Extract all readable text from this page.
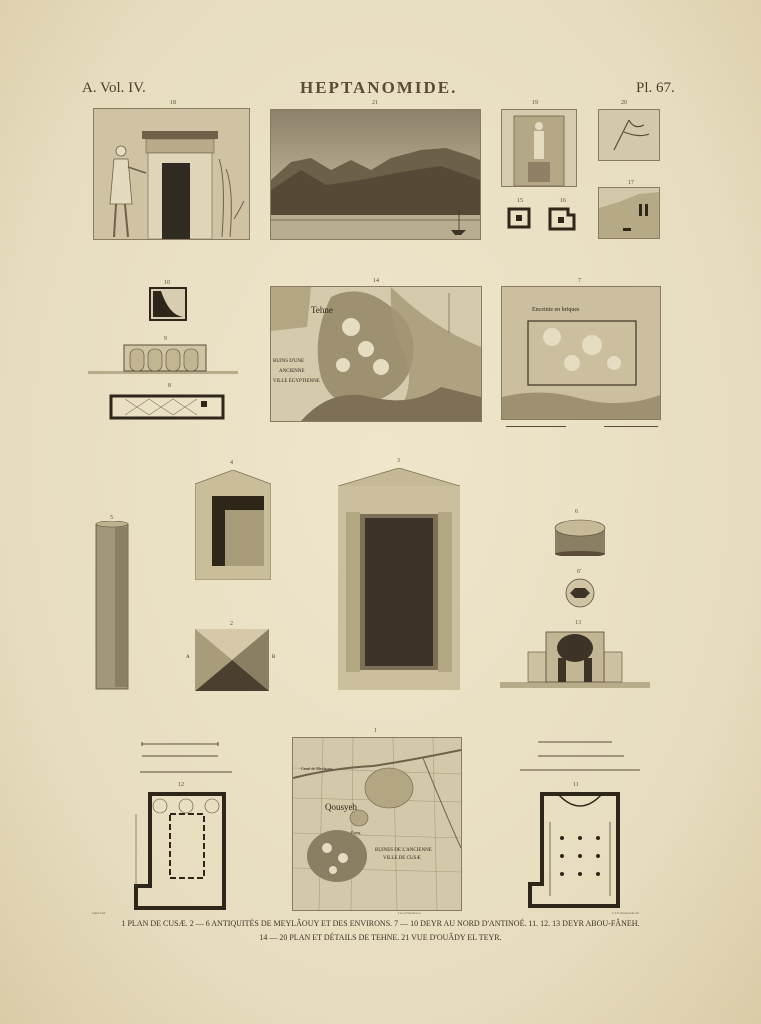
A. Vol. IV.	HEPTANOMIDE.	Pl. 67.
18	21	19	20
15	16
17
10
9
8
14
Tehne
RUINS D'UNE
ANCIENNE
VILLE ÉGYPTIENNE
7
Enceinte en briques
5
4
2
A	B
3
6
6'
13
12
1
Canal de Meylaouy
Qousyeh
Étang
RUINES DE L'ANCIENNE
VILLE DE CUSÆ
11
Jomard del.	Lecoq Planchon sc.	C.L.F. Panckoucke dir.
1 PLAN DE CUSÆ. 2 — 6 ANTIQUITÉS DE MEYLÂOUY ET DES ENVIRONS. 7 — 10 DEYR AU NORD D'ANTINOÉ. 11. 12. 13 DEYR ABOU-FÂNEH.
14 — 20 PLAN ET DÉTAILS DE TEHNE. 21 VUE D'OUÂDY EL TEYR.
